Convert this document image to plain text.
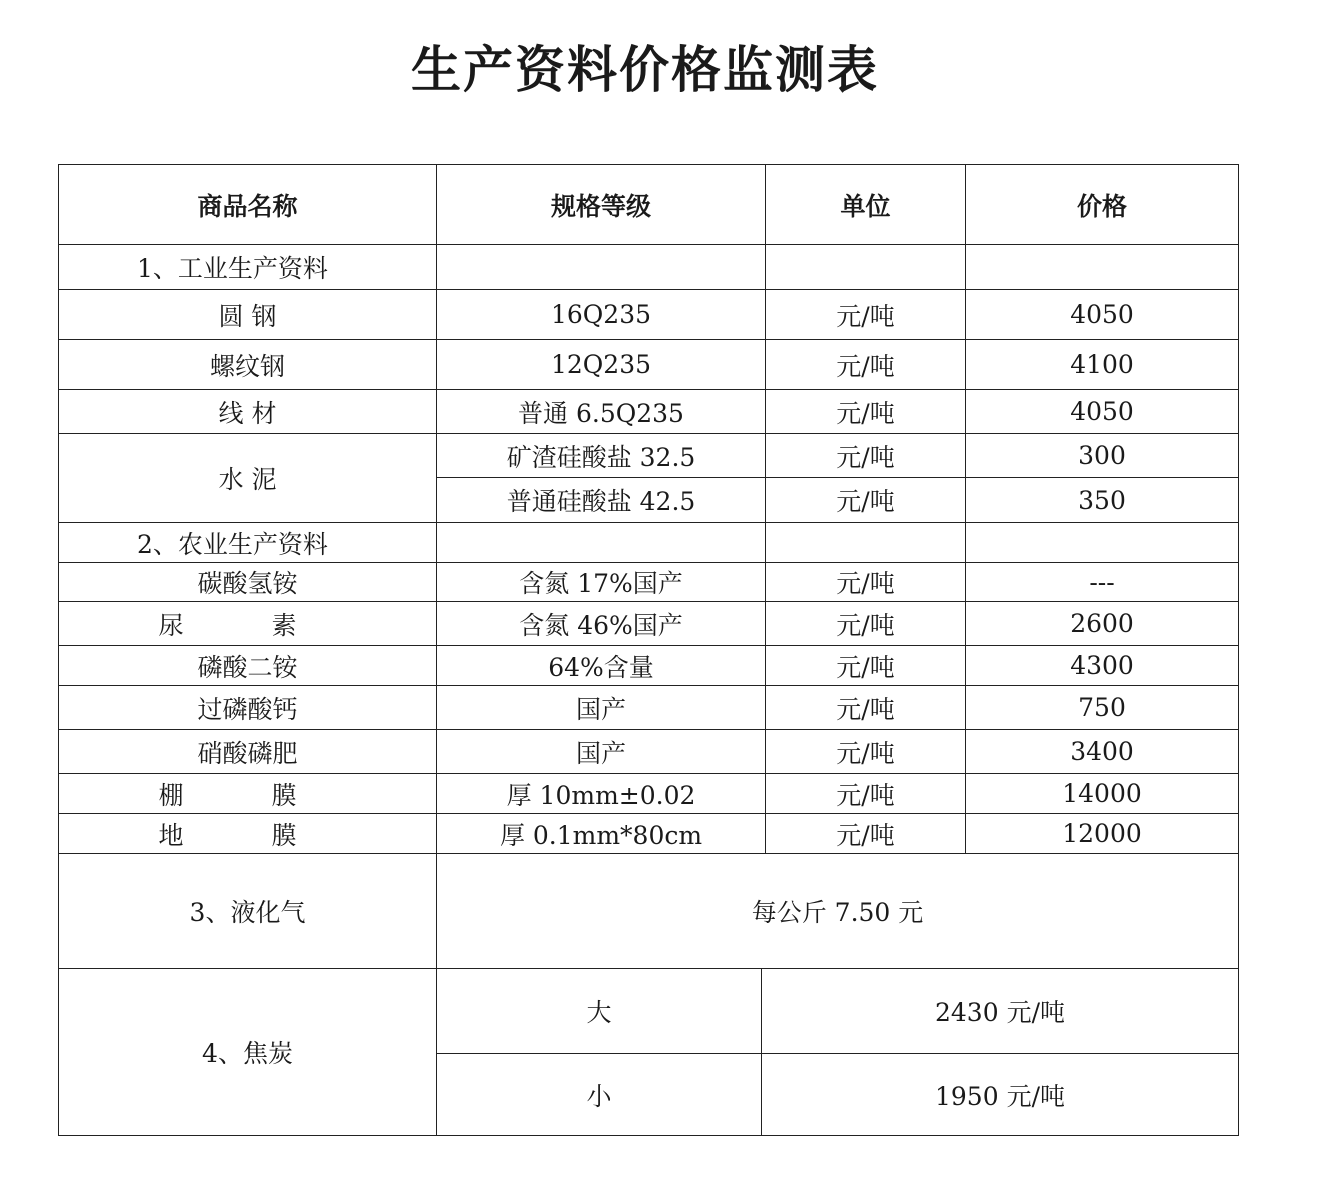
生产资料价格监测表
商品名称	规格等级		单位	价格
1、工业生产资料				
圆 钢	16Q235		元/吨	4050
螺纹钢	12Q235		元/吨	4100
线 材	普通 6.5Q235		元/吨	4050
水 泥	矿渣硅酸盐 32.5		元/吨	300
	普通硅酸盐 42.5		元/吨	350
2、农业生产资料				
碳酸氢铵	含氮 17%国产		元/吨	---
尿 素	含氮 46%国产		元/吨	2600
磷酸二铵	64%含量		元/吨	4300
过磷酸钙	国产		元/吨	750
硝酸磷肥	国产		元/吨	3400
棚 膜	厚 10mm±0.02		元/吨	14000
地 膜	厚 0.1mm*80cm		元/吨	12000
3、液化气	每公斤 7.50 元			
4、焦炭	大	2430 元/吨		
	小	1950 元/吨		
